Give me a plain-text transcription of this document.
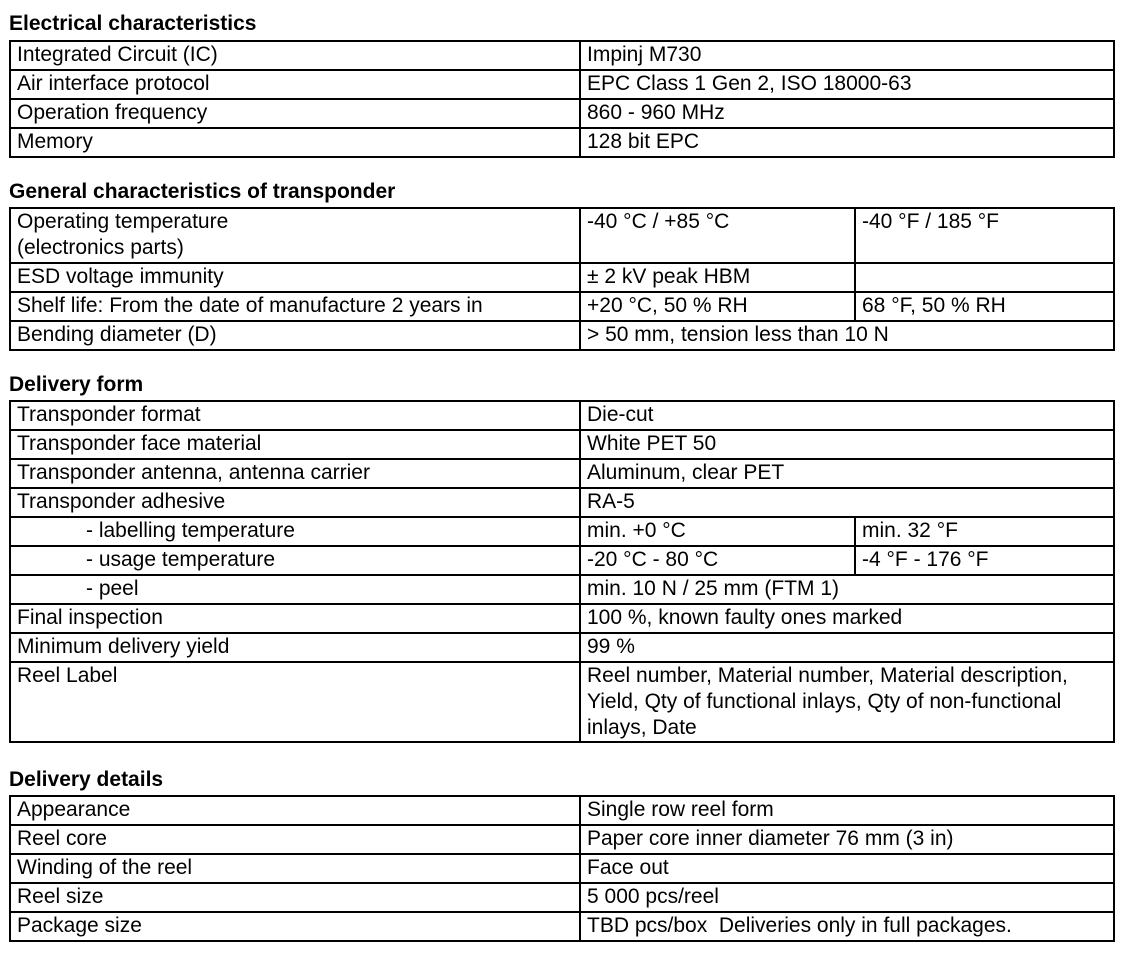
Electrical characteristics
Integrated Circuit (IC)	Impinj M730
Air interface protocol	EPC Class 1 Gen 2, ISO 18000-63
Operation frequency	860 - 960 MHz
Memory	128 bit EPC
General characteristics of transponder
Operating temperature
(electronics parts)	-40 °C / +85 °C	-40 °F / 185 °F
ESD voltage immunity	± 2 kV peak HBM	
Shelf life: From the date of manufacture 2 years in	+20 °C, 50 % RH	68 °F, 50 % RH
Bending diameter (D)	> 50 mm, tension less than 10 N	
Delivery form
Transponder format	Die-cut	
Transponder face material	White PET 50	
Transponder antenna, antenna carrier	Aluminum, clear PET	
Transponder adhesive	RA-5	
- labelling temperature	min. +0 °C	min. 32 °F
- usage temperature	-20 °C - 80 °C	-4 °F - 176 °F
- peel	min. 10 N / 25 mm (FTM 1)	
Final inspection	100 %, known faulty ones marked	
Minimum delivery yield	99 %	
Reel Label	Reel number, Material number, Material description, Yield, Qty of functional inlays, Qty of non-functional inlays, Date	
Delivery details
Appearance	Single row reel form
Reel core	Paper core inner diameter 76 mm (3 in)
Winding of the reel	Face out
Reel size	5 000 pcs/reel
Package size	TBD pcs/box  Deliveries only in full packages.
